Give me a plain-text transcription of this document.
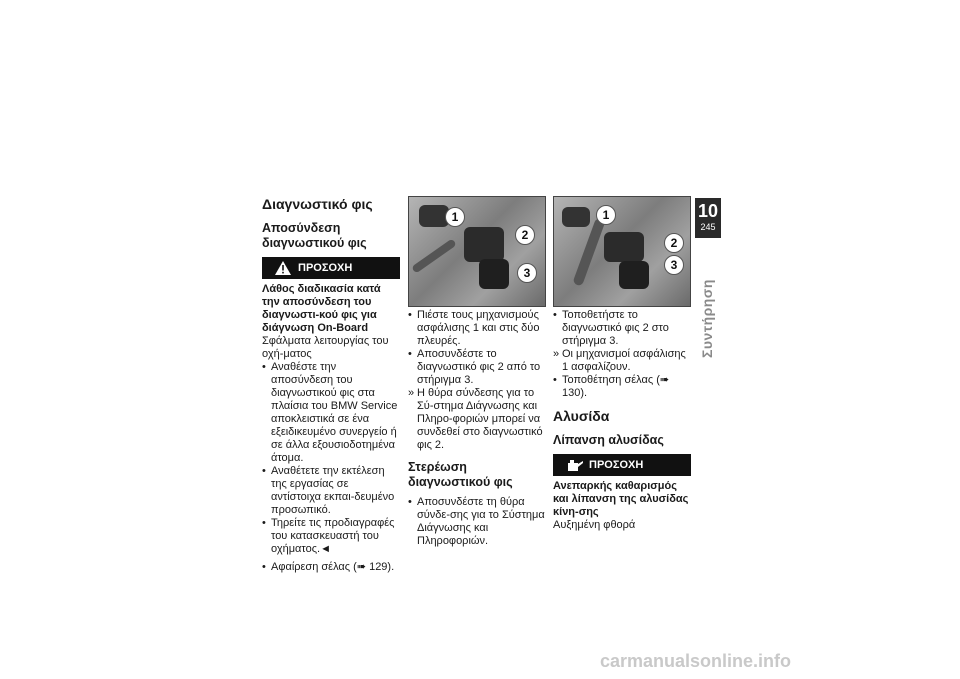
Διαγνωστικό φις
Αποσύνδεση διαγνωστικού φις
ΠΡΟΣΟΧΗ
Λάθος διαδικασία κατά την αποσύνδεση του διαγνωστι-κού φις για διάγνωση On-Board
Σφάλματα λειτουργίας του οχή-ματος
• Αναθέστε την αποσύνδεση του διαγνωστικού φις στα πλαίσια του BMW Service αποκλειστικά σε ένα εξειδικευμένο συνεργείο ή σε άλλα εξουσιοδοτημένα άτομα.
• Αναθέτετε την εκτέλεση της εργασίας σε αντίστοιχα εκπαι-δευμένο προσωπικό.
• Τηρείτε τις προδιαγραφές του κατασκευαστή του οχήματος.◄
• Αφαίρεση σέλας (➠ 129).
1
2
3
• Πιέστε τους μηχανισμούς ασφάλισης 1 και στις δύο πλευρές.
• Αποσυνδέστε το διαγνωστικό φις 2 από το στήριγμα 3.
» Η θύρα σύνδεσης για το Σύ-στημα Διάγνωσης και Πληρο-φοριών μπορεί να συνδεθεί στο διαγνωστικό φις 2.
Στερέωση διαγνωστικού φις
• Αποσυνδέστε τη θύρα σύνδε-σης για το Σύστημα Διάγνωσης και Πληροφοριών.
1
2
3
• Τοποθετήστε το διαγνωστικό φις 2 στο στήριγμα 3.
» Οι μηχανισμοί ασφάλισης 1 ασφαλίζουν.
• Τοποθέτηση σέλας (➠ 130).
Αλυσίδα
Λίπανση αλυσίδας
ΠΡΟΣΟΧΗ
Ανεπαρκής καθαρισμός και λίπανση της αλυσίδας κίνη-σης
Αυξημένη φθορά
10
245
Συντήρηση
carmanualsonline.info
